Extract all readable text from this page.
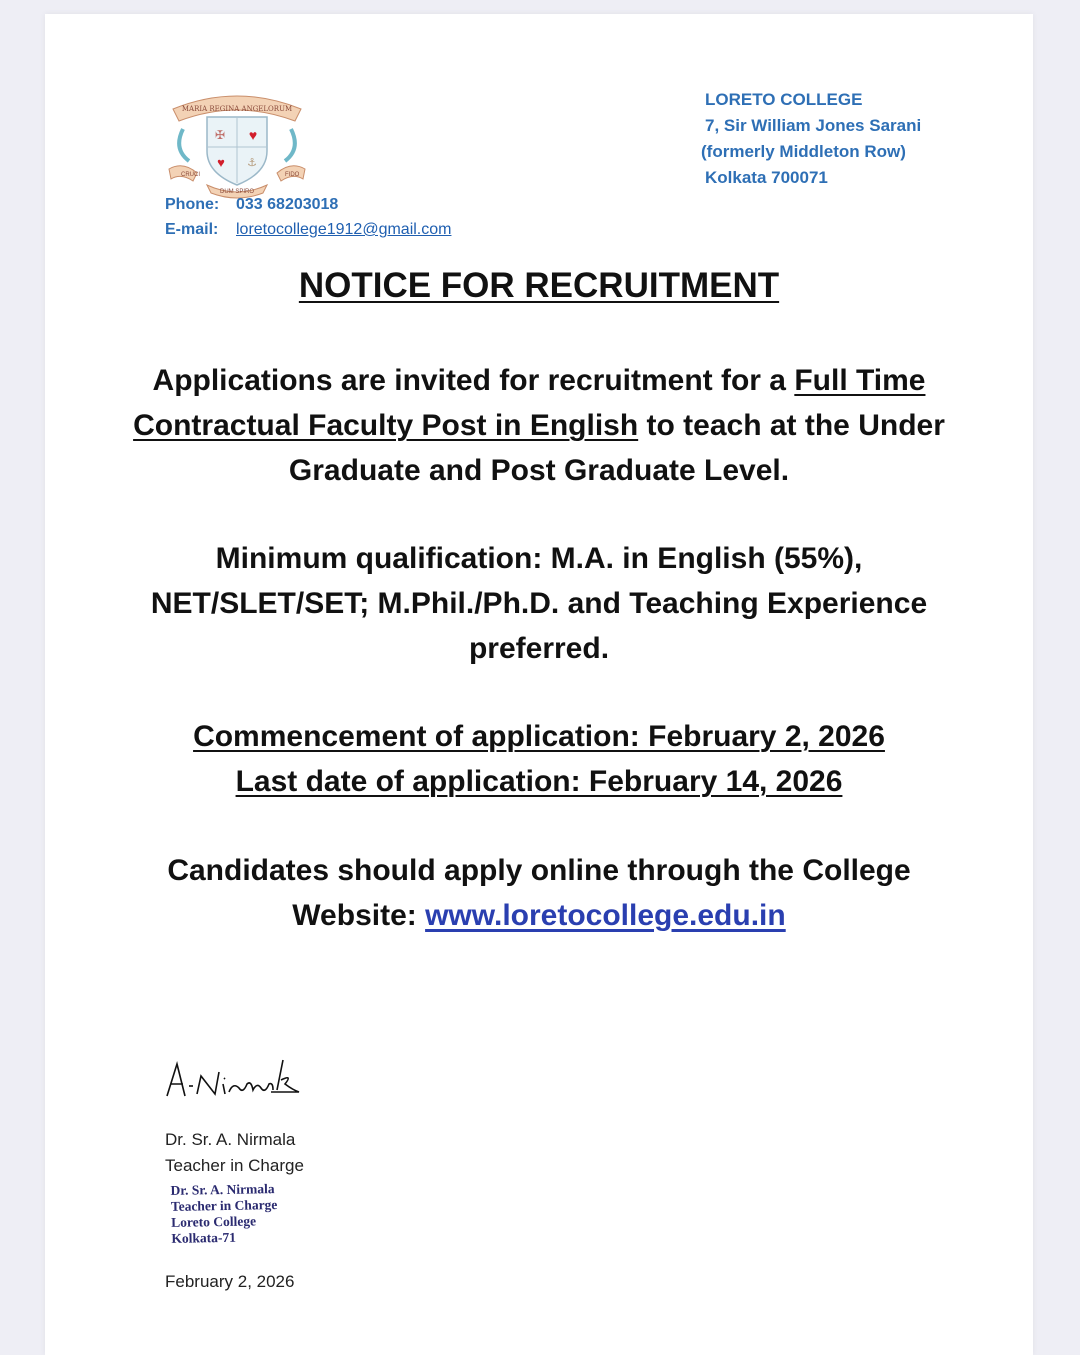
MARIA REGINA ANGELORUM
✠ ♥
♥ ⚓
CRUCI	FIDO
DUM SPIRO
Phone: 033 68203018
E-mail: loretocollege1912@gmail.com
LORETO COLLEGE
7, Sir William Jones Sarani
(formerly Middleton Row)
Kolkata 700071
NOTICE FOR RECRUITMENT
Applications are invited for recruitment for a Full Time Contractual Faculty Post in English to teach at the Under Graduate and Post Graduate Level.
Minimum qualification: M.A. in English (55%), NET/SLET/SET; M.Phil./Ph.D. and Teaching Experience preferred.
Commencement of application: February 2, 2026
Last date of application: February 14, 2026
Candidates should apply online through the College Website: www.loretocollege.edu.in
Dr. Sr. A. Nirmala
Teacher in Charge
Dr. Sr. A. Nirmala
Teacher in Charge
Loreto College
Kolkata-71
February 2, 2026
